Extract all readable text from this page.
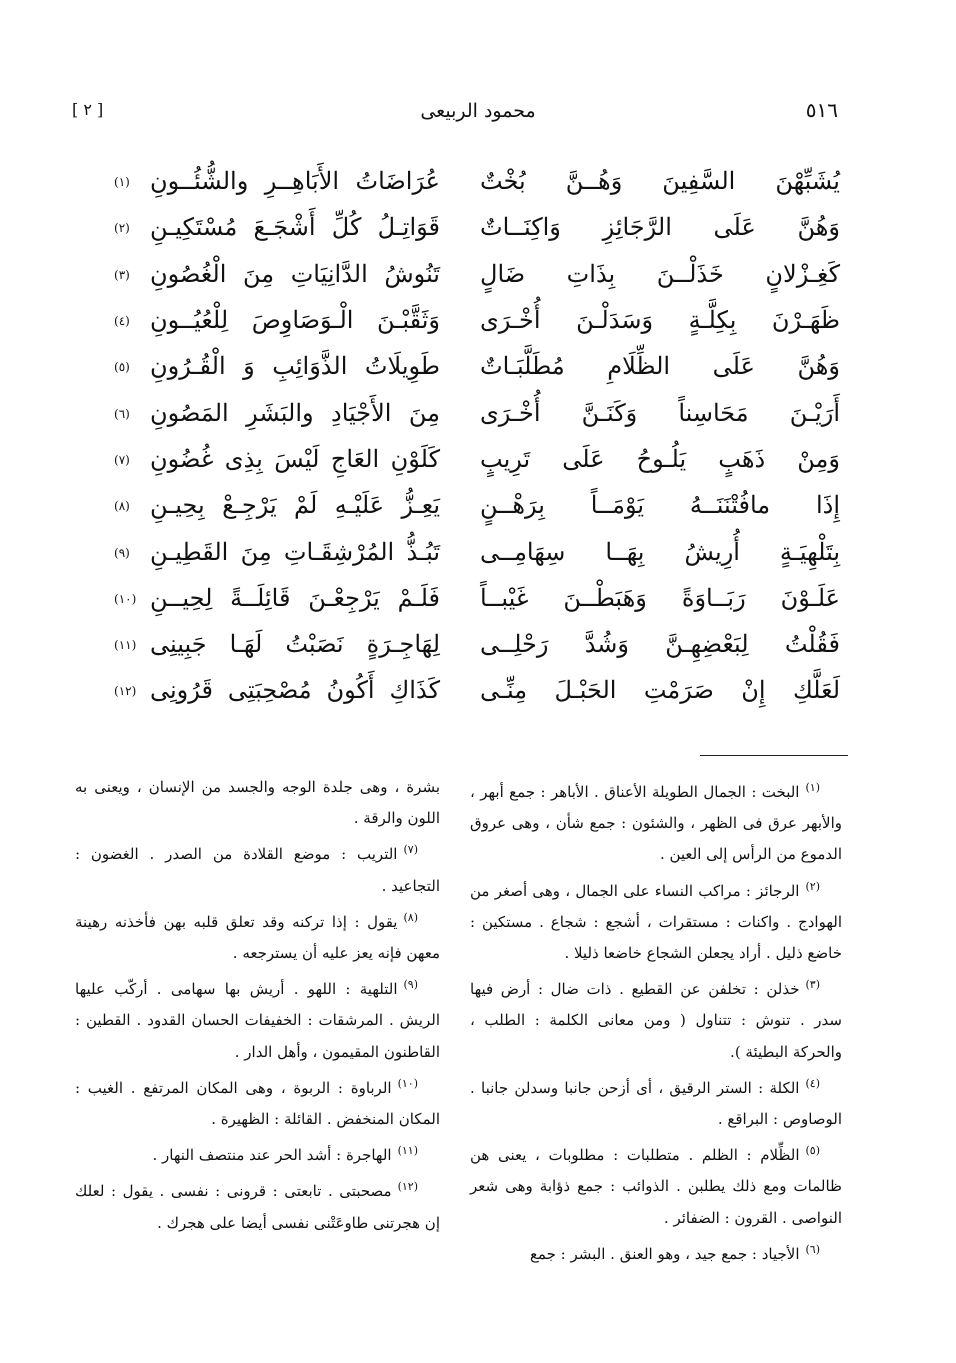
٥١٦
محمود الربيعى
[ ٢ ]
يُشَبِّهْنَ السَّفِينَ وَهُــنَّ بُخْتٌ
عُرَاضَاتُ الأَبَاهِــرِ والشُّئُــونِ
(١)
وَهُنَّ عَلَى الرَّجَائِزِ وَاكِنَــاتٌ
قَوَاتِـلُ كُلِّ أَشْجَـعَ مُسْتَكِيـنِ
(٢)
كَغِـزْلانٍ خَذَلْــنَ بِذَاتِ ضَالٍ
تَنُوشُ الدَّانِيَاتِ مِنَ الْغُصُونِ
(٣)
ظَهَـرْنَ بِكِلَّـةٍ وَسَدَلْـنَ أُخْـرَى
وَثَقَّبْـنَ الْـوَصَاوِصَ لِلْعُيُــونِ
(٤)
وَهُنَّ عَلَى الظِّلَامِ مُطَلَّبَـاتٌ
طَوِيلَاتُ الذَّوَائِبِ وَ الْقُـرُونِ
(٥)
أَرَيْـنَ مَحَاسِناً وَكَنَـنَّ أُخْـرَى
مِنَ الأَجْيَادِ والبَشَرِ المَصُونِ
(٦)
وَمِنْ ذَهَبٍ يَلُـوحُ عَلَى تَرِيبٍ
كَلَوْنِ العَاجِ لَيْسَ بِذِى غُضُونِ
(٧)
إِذَا مافُتْنَنَــهُ يَوْمَــاً بِرَهْــنٍ
يَعِـزُّ عَلَيْـهِ لَمْ يَرْجِـعْ بِحِيـنِ
(٨)
بِتَلْهِيَـةٍ أُرِيشُ بِهَــا سِهَامِــى
تَبُـذُّ المُرْشِقَـاتِ مِنَ القَطِيـنِ
(٩)
عَلَـوْنَ رَبَــاوَةً وَهَبَطْــنَ غَيْبــاً
فَلَـمْ يَرْجِعْـنَ قَائِلَــةً لِحِيــنِ
(١٠)
فَقُلْتُ لِبَعْضِهِـنَّ وَشُدَّ رَحْلِــى
لِهَاجِـرَةٍ نَصَبْتُ لَهَـا جَبِينِى
(١١)
لَعَلَّكِ إِنْ صَرَمْتِ الحَبْـلَ مِنِّـى
كَذَاكِ أَكُونُ مُصْحِبَتِى قَرُونِى
(١٢)

$^{(١)}$البخت : الجمال الطويلة الأعناق . الأباهر : جمع أبهر ، والأبهر عرق فى الظهر ، والشئون : جمع شأن ، وهى عروق الدموع من الرأس إلى العين .

$^{(٢)}$الرجائز : مراكب النساء على الجمال ، وهى أصغر من الهوادج . واكنات : مستقرات ، أشجع : شجاع . مستكين : خاضع ذليل . أراد يجعلن الشجاع خاضعا ذليلا .

$^{(٣)}$خذلن : تخلفن عن القطيع . ذات ضال : أرض فيها سدر . تنوش : تتناول ( ومن معانى الكلمة : الطلب ، والحركة البطيئة ).

$^{(٤)}$الكلة : الستر الرقيق ، أى أزحن جانبا وسدلن جانبا . الوصاوص : البراقع .

$^{(٥)}$الظِّلام : الظلم . متطلبات : مطلوبات ، يعنى هن ظالمات ومع ذلك يطلبن . الذوائب : جمع ذؤابة وهى شعر النواصى . القرون : الضفائر .

$^{(٦)}$الأجياد : جمع جيد ، وهو العنق . البشر : جمع

بشرة ، وهى جلدة الوجه والجسد من الإنسان ، ويعنى به اللون والرقة .

$^{(٧)}$التريب : موضع القلادة من الصدر . الغضون : التجاعيد .

$^{(٨)}$يقول : إذا تركنه وقد تعلق قلبه بهن فأخذنه رهينة معهن فإنه يعز عليه أن يسترجعه .

$^{(٩)}$التلهية : اللهو . أريش بها سهامى . أركّب عليها الريش . المرشقات : الخفيفات الحسان القدود . القطين : القاطنون المقيمون ، وأهل الدار .

$^{(١٠)}$الرباوة : الربوة ، وهى المكان المرتفع . الغيب : المكان المنخفض . القائلة : الظهيرة .

$^{(١١)}$الهاجرة : أشد الحر عند منتصف النهار .

$^{(١٢)}$مصحبتى . تابعتى : قرونى : نفسى . يقول : لعلك إن هجرتنى طاوعَتْنى نفسى أيضا على هجرك .
